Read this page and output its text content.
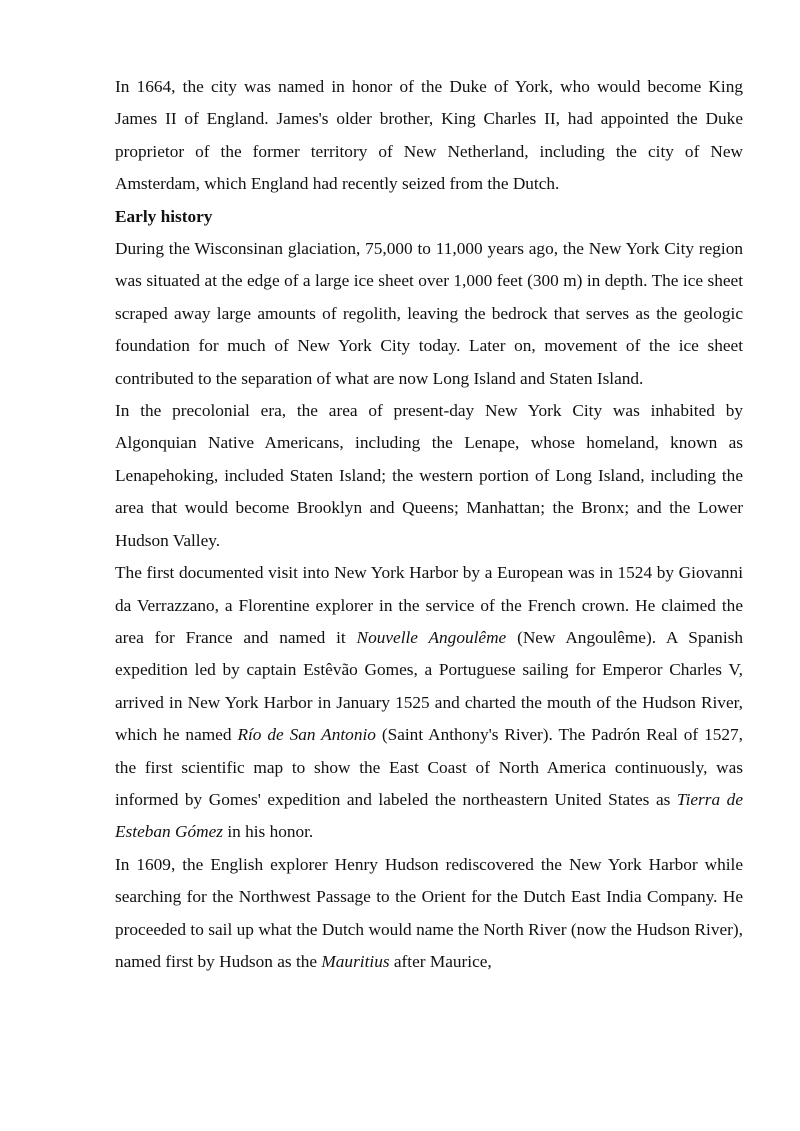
In 1664, the city was named in honor of the Duke of York, who would become King James II of England. James's older brother, King Charles II, had appointed the Duke proprietor of the former territory of New Netherland, including the city of New Amsterdam, which England had recently seized from the Dutch.

Early history

During the Wisconsinan glaciation, 75,000 to 11,000 years ago, the New York City region was situated at the edge of a large ice sheet over 1,000 feet (300 m) in depth. The ice sheet scraped away large amounts of regolith, leaving the bedrock that serves as the geologic foundation for much of New York City today. Later on, movement of the ice sheet contributed to the separation of what are now Long Island and Staten Island.

In the precolonial era, the area of present-day New York City was inhabited by Algonquian Native Americans, including the Lenape, whose homeland, known as Lenapehoking, included Staten Island; the western portion of Long Island, including the area that would become Brooklyn and Queens; Manhattan; the Bronx; and the Lower Hudson Valley.

The first documented visit into New York Harbor by a European was in 1524 by Giovanni da Verrazzano, a Florentine explorer in the service of the French crown. He claimed the area for France and named it Nouvelle Angoulême (New Angoulême). A Spanish expedition led by captain Estêvão Gomes, a Portuguese sailing for Emperor Charles V, arrived in New York Harbor in January 1525 and charted the mouth of the Hudson River, which he named Río de San Antonio (Saint Anthony's River). The Padrón Real of 1527, the first scientific map to show the East Coast of North America continuously, was informed by Gomes' expedition and labeled the northeastern United States as Tierra de Esteban Gómez in his honor.

In 1609, the English explorer Henry Hudson rediscovered the New York Harbor while searching for the Northwest Passage to the Orient for the Dutch East India Company. He proceeded to sail up what the Dutch would name the North River (now the Hudson River), named first by Hudson as the Mauritius after Maurice,
